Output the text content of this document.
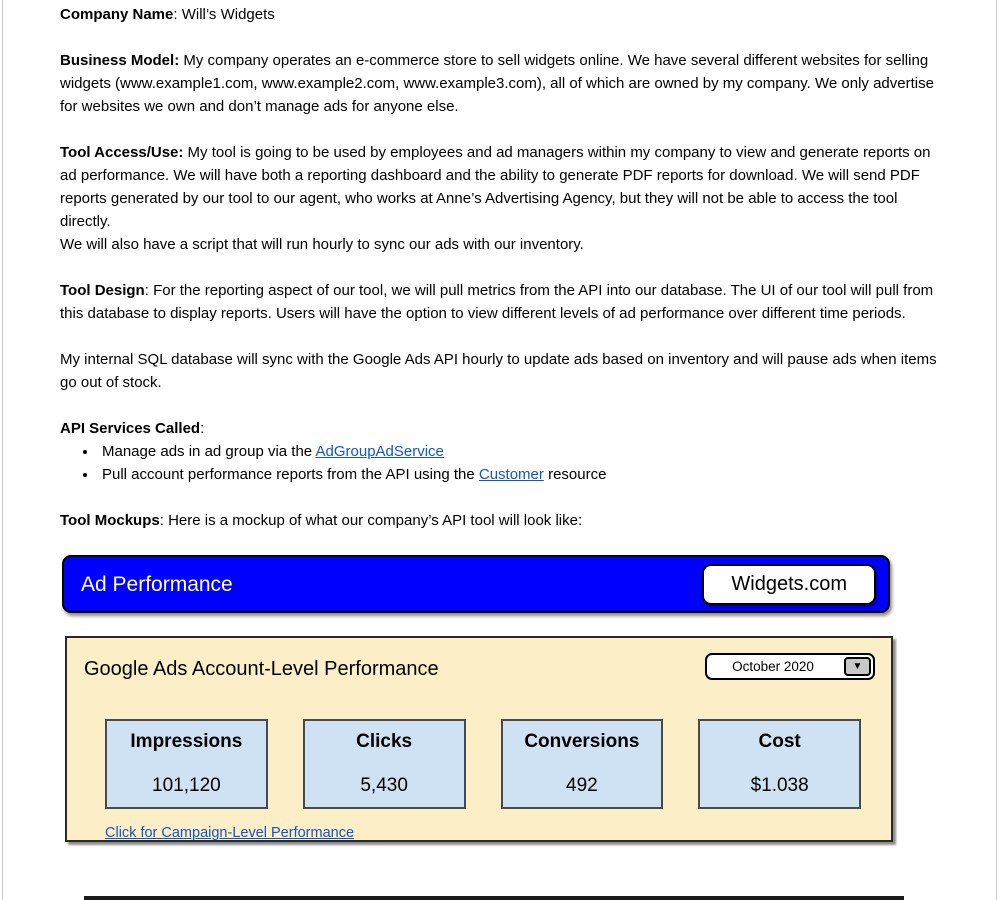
Company Name: Will’s Widgets

Business Model: My company operates an e-commerce store to sell widgets online. We have several different websites for selling widgets (www.example1.com, www.example2.com, www.example3.com), all of which are owned by my company. We only advertise for websites we own and don’t manage ads for anyone else.

Tool Access/Use: My tool is going to be used by employees and ad managers within my company to view and generate reports on ad performance. We will have both a reporting dashboard and the ability to generate PDF reports for download. We will send PDF reports generated by our tool to our agent, who works at Anne’s Advertising Agency, but they will not be able to access the tool directly.
We will also have a script that will run hourly to sync our ads with our inventory.

Tool Design: For the reporting aspect of our tool, we will pull metrics from the API into our database. The UI of our tool will pull from this database to display reports. Users will have the option to view different levels of ad performance over different time periods.

My internal SQL database will sync with the Google Ads API hourly to update ads based on inventory and will pause ads when items go out of stock.

API Services Called:

• Manage ads in ad group via the AdGroupAdService
• Pull account performance reports from the API using the Customer resource

Tool Mockups: Here is a mockup of what our company’s API tool will look like:

Ad Performance	Widgets.com
Google Ads Account-Level Performance	October 2020	▼
Impressions
101,120
Clicks
5,430
Conversions
492
Cost
$1.038
Click for Campaign-Level Performance
